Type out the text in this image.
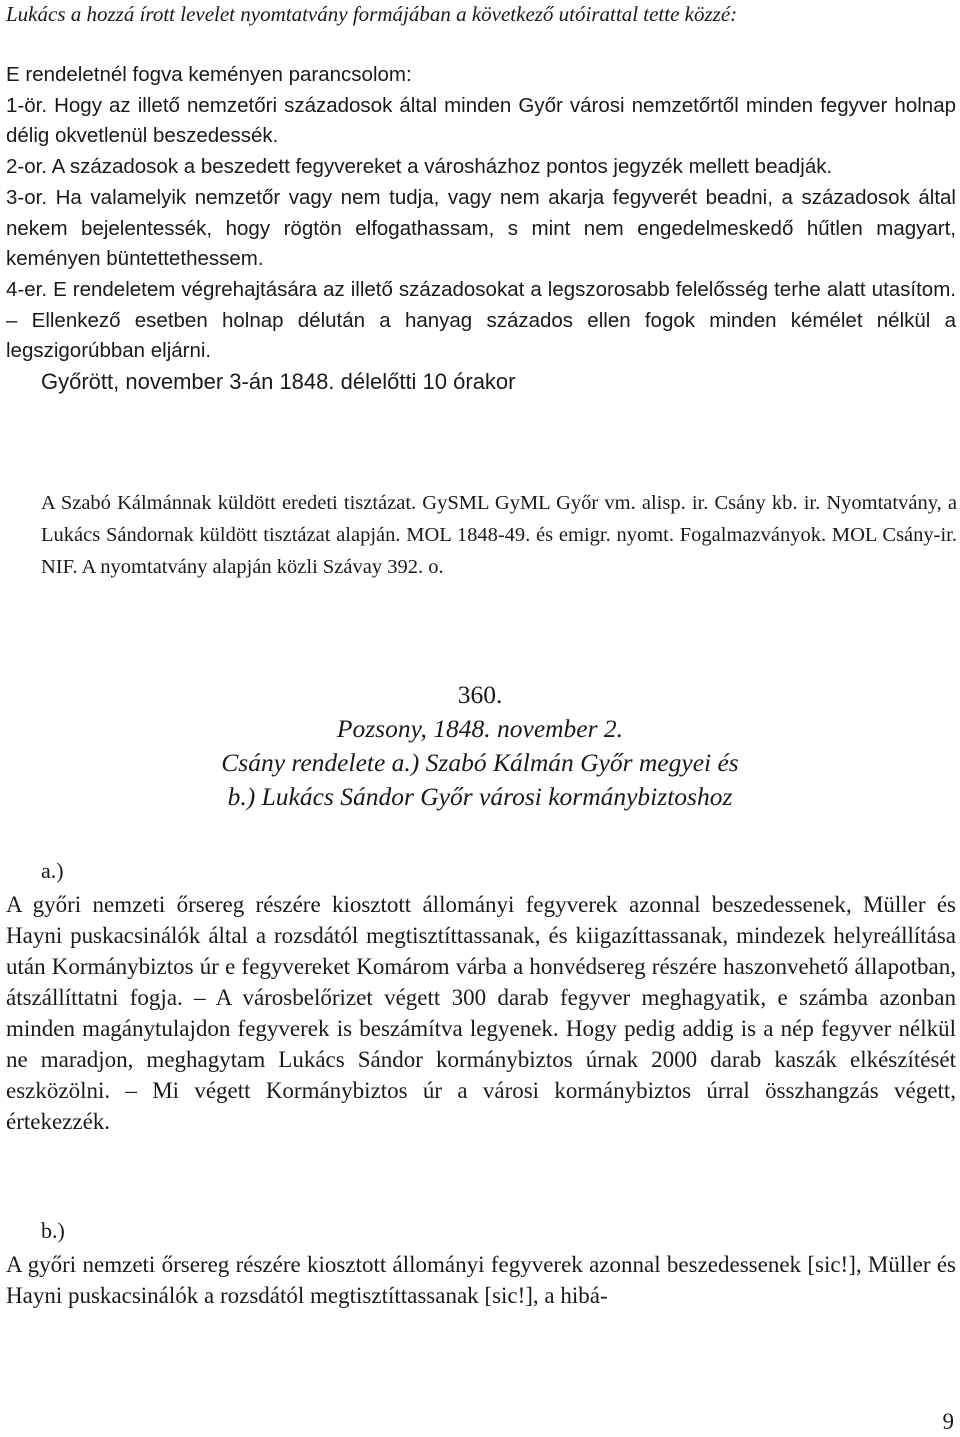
Lukács a hozzá írott levelet nyomtatvány formájában a következő utóirattal tette közzé:

E rendeletnél fogva keményen parancsolom:

1-ör. Hogy az illető nemzetőri századosok által minden Győr városi nemzetőrtől minden fegyver holnap délig okvetlenül beszedessék.

2-or. A századosok a beszedett fegyvereket a városházhoz pontos jegyzék mellett beadják.

3-or. Ha valamelyik nemzetőr vagy nem tudja, vagy nem akarja fegyverét beadni, a századosok által nekem bejelentessék, hogy rögtön elfogathassam, s mint nem engedelmeskedő hűtlen magyart, keményen büntettethessem.

4-er. E rendeletem végrehajtására az illető századosokat a legszorosabb felelősség terhe alatt utasítom. – Ellenkező esetben holnap délután a hanyag százados ellen fogok minden kémélet nélkül a legszigorúbban eljárni.

Győrött, november 3-án 1848. délelőtti 10 órakor

A Szabó Kálmánnak küldött eredeti tisztázat. GySML GyML Győr vm. alisp. ir. Csány kb. ir. Nyomtatvány, a Lukács Sándornak küldött tisztázat alapján. MOL 1848-49. és emigr. nyomt. Fogalmazványok. MOL Csány-ir. NIF. A nyomtatvány alapján közli Szávay 392. o.

360.
Pozsony, 1848. november 2.
Csány rendelete a.) Szabó Kálmán Győr megyei és
b.) Lukács Sándor Győr városi kormánybiztoshoz

a.)

A győri nemzeti őrsereg részére kiosztott állományi fegyverek azonnal beszedessenek, Müller és Hayni puskacsinálók által a rozsdától megtisztíttassanak, és kiigazíttassanak, mindezek helyreállítása után Kormánybiztos úr e fegyvereket Komárom várba a honvédsereg részére haszonvehető állapotban, átszállíttatni fogja. – A városbelőrizet végett 300 darab fegyver meghagyatik, e számba azonban minden magánytulajdon fegyverek is beszámítva legyenek. Hogy pedig addig is a nép fegyver nélkül ne maradjon, meghagytam Lukács Sándor kormánybiztos úrnak 2000 darab kaszák elkészítését eszközölni. – Mi végett Kormánybiztos úr a városi kormánybiztos úrral összhangzás végett, értekezzék.

b.)

A győri nemzeti őrsereg részére kiosztott állományi fegyverek azonnal beszedessenek [sic!], Müller és Hayni puskacsinálók a rozsdától megtisztíttassanak [sic!], a hibá-

9
